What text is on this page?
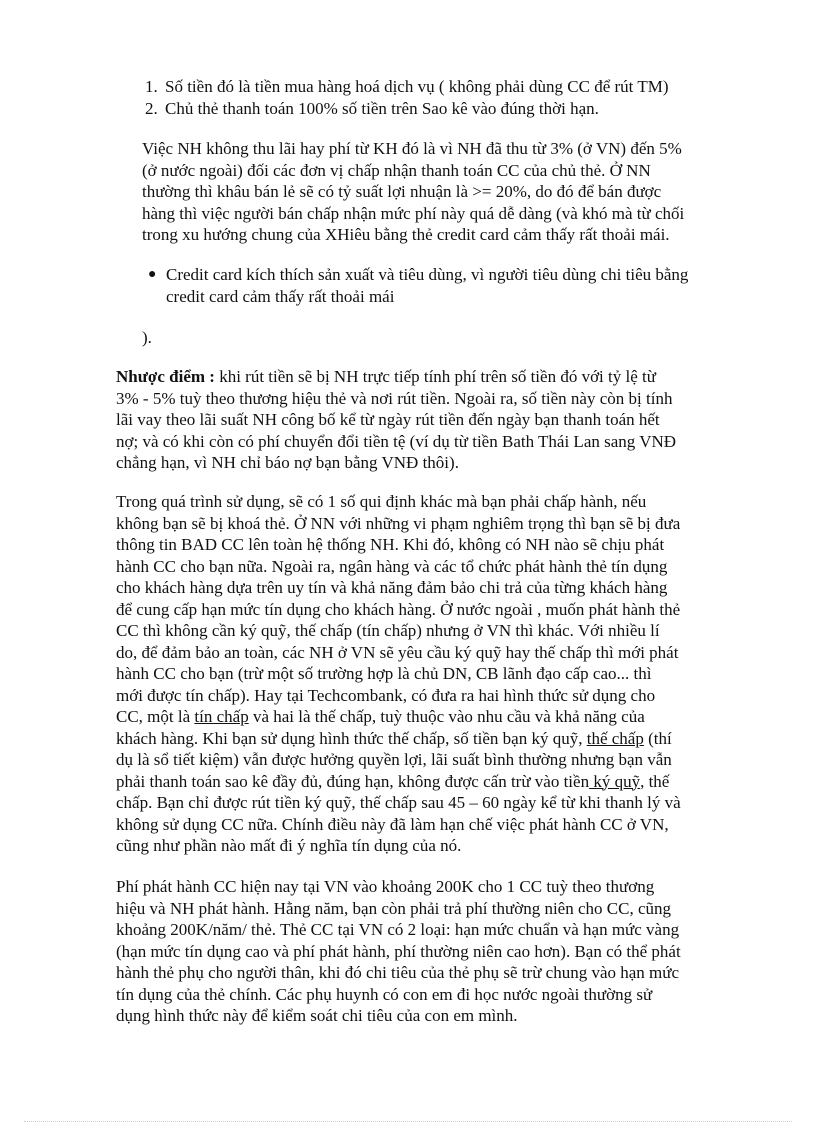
1. Số tiền đó là tiền mua hàng hoá dịch vụ ( không phải dùng CC để rút TM)
2. Chủ thẻ thanh toán 100% số tiền trên Sao kê vào đúng thời hạn.
Việc NH không thu lãi hay phí từ KH đó là vì NH đã thu từ 3% (ở VN) đến 5%
(ở nước ngoài) đối các đơn vị chấp nhận thanh toán CC của chủ thẻ. Ở NN
thường thì khâu bán lẻ sẽ có tỷ suất lợi nhuận là >= 20%, do đó để bán được
hàng thì việc người bán chấp nhận mức phí này quá dễ dàng (và khó mà từ chối
trong xu hướng chung của XHiêu bằng thẻ credit card cảm thấy rất thoải mái.
● Credit card kích thích sản xuất và tiêu dùng, vì người tiêu dùng chi tiêu bằng
credit card cảm thấy rất thoải mái
).
Nhược điểm : khi rút tiền sẽ bị NH trực tiếp tính phí trên số tiền đó với tỷ lệ từ
3% - 5% tuỳ theo thương hiệu thẻ và nơi rút tiền. Ngoài ra, số tiền này còn bị tính
lãi vay theo lãi suất NH công bố kể từ ngày rút tiền đến ngày bạn thanh toán hết
nợ; và có khi còn có phí chuyển đổi tiền tệ (ví dụ từ tiền Bath Thái Lan sang VNĐ
chẳng hạn, vì NH chỉ báo nợ bạn bằng VNĐ thôi).
Trong quá trình sử dụng, sẽ có 1 số qui định khác mà bạn phải chấp hành, nếu
không bạn sẽ bị khoá thẻ. Ở NN với những vi phạm nghiêm trọng thì bạn sẽ bị đưa
thông tin BAD CC lên toàn hệ thống NH. Khi đó, không có NH nào sẽ chịu phát
hành CC cho bạn nữa. Ngoài ra, ngân hàng và các tổ chức phát hành thẻ tín dụng
cho khách hàng dựa trên uy tín và khả năng đảm bảo chi trả của từng khách hàng
để cung cấp hạn mức tín dụng cho khách hàng. Ở nước ngoài , muốn phát hành thẻ
CC thì không cần ký quỹ, thế chấp (tín chấp) nhưng ở VN thì khác. Với nhiều lí
do, để đảm bảo an toàn, các NH ở VN sẽ yêu cầu ký quỹ hay thế chấp thì mới phát
hành CC cho bạn (trừ một số trường hợp là chủ DN, CB lãnh đạo cấp cao... thì
mới được tín chấp). Hay tại Techcombank, có đưa ra hai hình thức sử dụng cho
CC, một là tín chấp và hai là thế chấp, tuỳ thuộc vào nhu cầu và khả năng của
khách hàng. Khi bạn sử dụng hình thức thế chấp, số tiền bạn ký quỹ, thế chấp (thí
dụ là sổ tiết kiệm) vẫn được hưởng quyền lợi, lãi suất bình thường nhưng bạn vẫn
phải thanh toán sao kê đầy đủ, đúng hạn, không được cấn trừ vào tiền ký quỹ, thế
chấp. Bạn chỉ được rút tiền ký quỹ, thế chấp sau 45 – 60 ngày kể từ khi thanh lý và
không sử dụng CC nữa. Chính điều này đã làm hạn chế việc phát hành CC ở VN,
cũng như phần nào mất đi ý nghĩa tín dụng của nó.
Phí phát hành CC hiện nay tại VN vào khoảng 200K cho 1 CC tuỳ theo thương
hiệu và NH phát hành. Hằng năm, bạn còn phải trả phí thường niên cho CC, cũng
khoảng 200K/năm/ thẻ. Thẻ CC tại VN có 2 loại: hạn mức chuẩn và hạn mức vàng
(hạn mức tín dụng cao và phí phát hành, phí thường niên cao hơn). Bạn có thể phát
hành thẻ phụ cho người thân, khi đó chi tiêu của thẻ phụ sẽ trừ chung vào hạn mức
tín dụng của thẻ chính. Các phụ huynh có con em đi học nước ngoài thường sử
dụng hình thức này để kiểm soát chi tiêu của con em mình.
